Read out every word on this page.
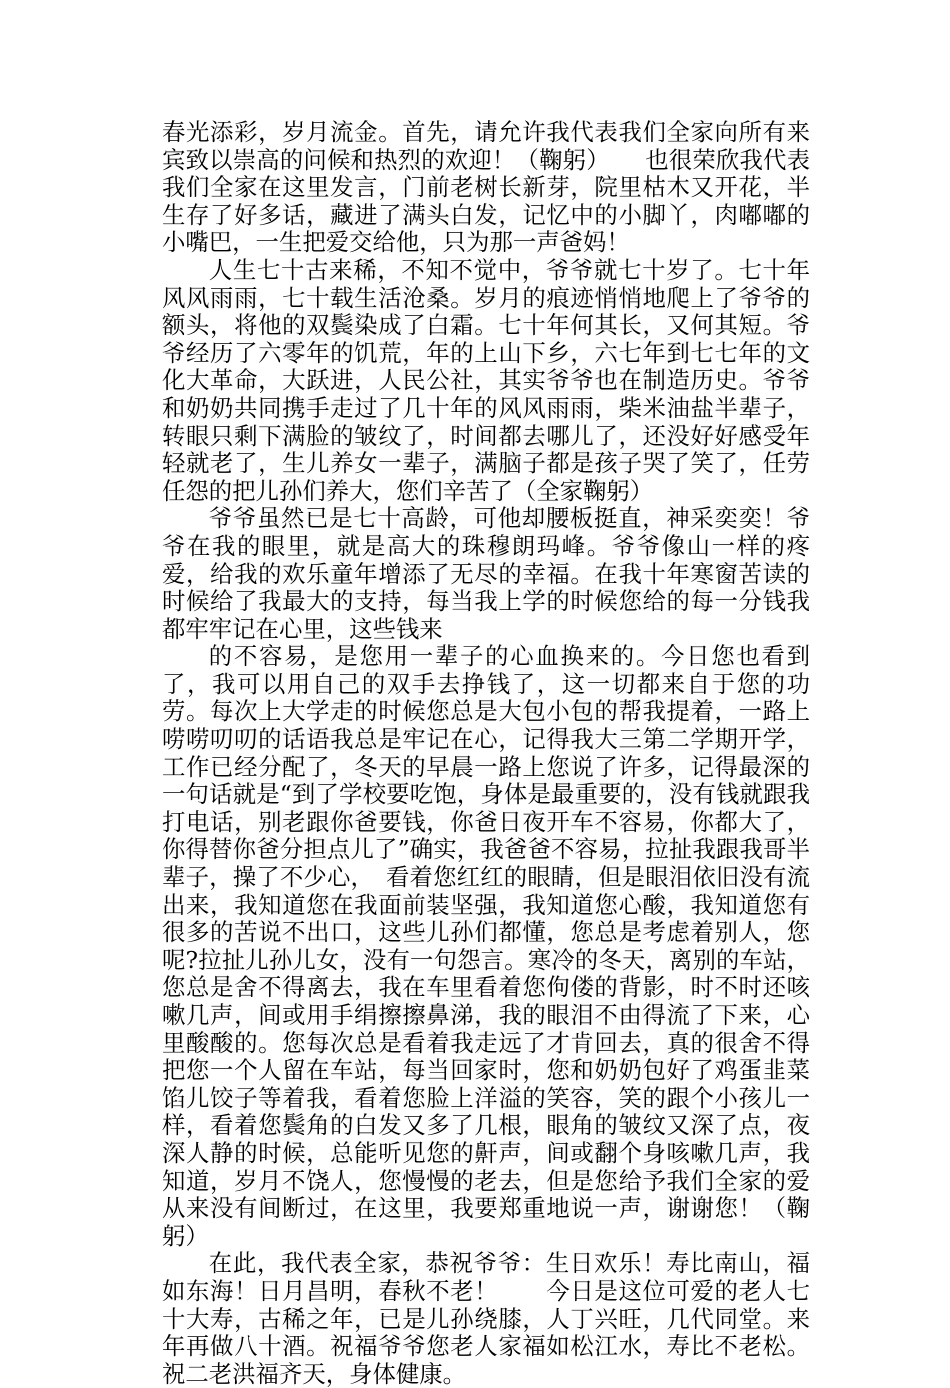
春光添彩，岁月流金。首先，请允许我代表我们全家向所有来宾致以崇高的问候和热烈的欢迎！（鞠躬）　　也很荣欣我代表我们全家在这里发言，门前老树长新芽，院里枯木又开花，半生存了好多话，藏进了满头白发，记忆中的小脚丫，肉嘟嘟的小嘴巴，一生把爱交给他，只为那一声爸妈！

人生七十古来稀，不知不觉中，爷爷就七十岁了。七十年风风雨雨，七十载生活沧桑。岁月的痕迹悄悄地爬上了爷爷的额头，将他的双鬓染成了白霜。七十年何其长，又何其短。爷爷经历了六零年的饥荒，年的上山下乡，六七年到七七年的文化大革命，大跃进，人民公社，其实爷爷也在制造历史。爷爷和奶奶共同携手走过了几十年的风风雨雨，柴米油盐半辈子，转眼只剩下满脸的皱纹了，时间都去哪儿了，还没好好感受年轻就老了，生儿养女一辈子，满脑子都是孩子哭了笑了，任劳任怨的把儿孙们养大，您们辛苦了（全家鞠躬）

爷爷虽然已是七十高龄，可他却腰板挺直，神采奕奕！爷爷在我的眼里，就是高大的珠穆朗玛峰。爷爷像山一样的疼爱，给我的欢乐童年增添了无尽的幸福。在我十年寒窗苦读的时候给了我最大的支持，每当我上学的时候您给的每一分钱我都牢牢记在心里，这些钱来

的不容易，是您用一辈子的心血换来的。今日您也看到了，我可以用自己的双手去挣钱了，这一切都来自于您的功劳。每次上大学走的时候您总是大包小包的帮我提着，一路上唠唠叨叨的话语我总是牢记在心，记得我大三第二学期开学，工作已经分配了，冬天的早晨一路上您说了许多，记得最深的一句话就是“到了学校要吃饱，身体是最重要的，没有钱就跟我打电话，别老跟你爸要钱，你爸日夜开车不容易，你都大了，你得替你爸分担点儿了”确实，我爸爸不容易，拉扯我跟我哥半辈子，操了不少心，　看着您红红的眼睛，但是眼泪依旧没有流出来，我知道您在我面前装坚强，我知道您心酸，我知道您有很多的苦说不出口，这些儿孙们都懂，您总是考虑着别人，您呢?拉扯儿孙儿女，没有一句怨言。寒冷的冬天，离别的车站，您总是舍不得离去，我在车里看着您佝偻的背影，时不时还咳嗽几声，间或用手绢擦擦鼻涕，我的眼泪不由得流了下来，心里酸酸的。您每次总是看着我走远了才肯回去，真的很舍不得把您一个人留在车站，每当回家时，您和奶奶包好了鸡蛋韭菜馅儿饺子等着我，看着您脸上洋溢的笑容，笑的跟个小孩儿一样，看着您鬓角的白发又多了几根，眼角的皱纹又深了点，夜深人静的时候，总能听见您的鼾声，间或翻个身咳嗽几声，我知道，岁月不饶人，您慢慢的老去，但是您给予我们全家的爱从来没有间断过，在这里，我要郑重地说一声，谢谢您！（鞠躬）

在此，我代表全家，恭祝爷爷：生日欢乐！寿比南山，福如东海！日月昌明，春秋不老！　　今日是这位可爱的老人七十大寿，古稀之年，已是儿孙绕膝，人丁兴旺，几代同堂。来年再做八十酒。祝福爷爷您老人家福如松江水，寿比不老松。祝二老洪福齐天，身体健康。
